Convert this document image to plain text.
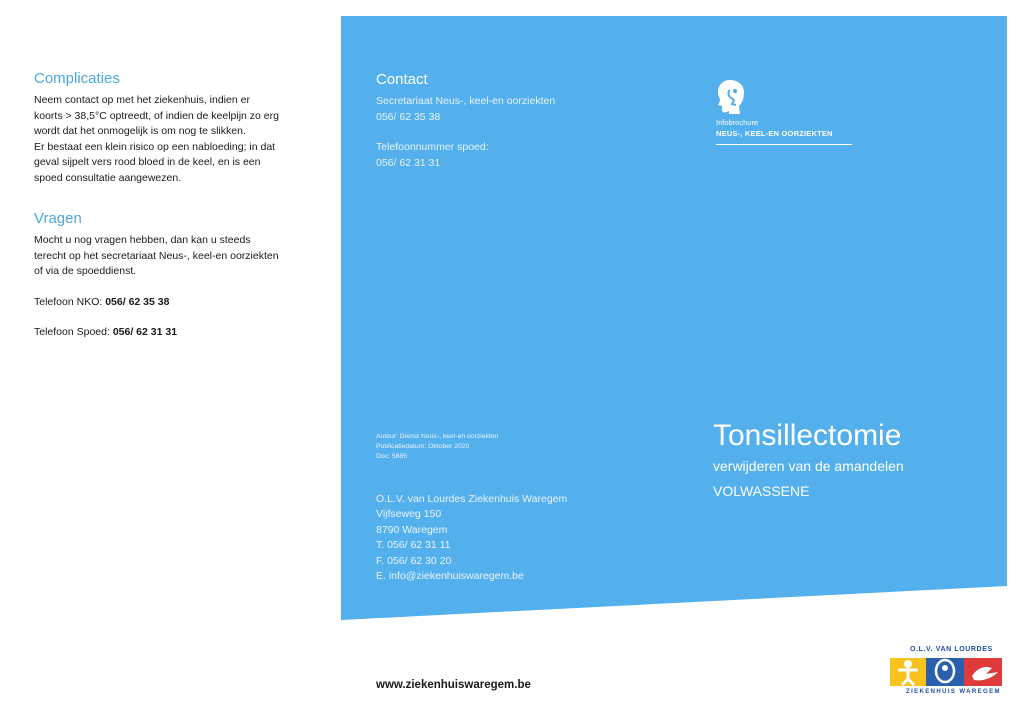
Complicaties

Neem contact op met het ziekenhuis, indien er

koorts > 38,5°C optreedt, of indien de keelpijn zo erg

wordt dat het onmogelijk is om nog te slikken.

Er bestaat een klein risico op een nabloeding; in dat

geval sijpelt vers rood bloed in de keel, en is een

spoed consultatie aangewezen.

Vragen

Mocht u nog vragen hebben, dan kan u steeds

terecht op het secretariaat Neus-, keel-en oorziekten

of via de spoeddienst.

Telefoon NKO: 056/ 62 35 38

Telefoon Spoed: 056/ 62 31 31

Contact

Secretariaat Neus-, keel-en oorziekten

056/ 62 35 38

Telefoonnummer spoed:

056/ 62 31 31

Infobrochure

NEUS-, KEEL-EN OORZIEKTEN

Auteur: Dienst Neus-, keel-en oorziekten
Publicatiedatum: Oktober 2020
Doc: 5885
O.L.V. van Lourdes Ziekenhuis Waregem
Vijfseweg 150
8790 Waregem
T. 056/ 62 31 11
F. 056/ 62 30 20
E. info@ziekenhuiswaregem.be

Tonsillectomie

verwijderen van de amandelen

VOLWASSENE

www.ziekenhuiswaregem.be
O.L.V. VAN LOURDES
ZIEKENHUIS WAREGEM
